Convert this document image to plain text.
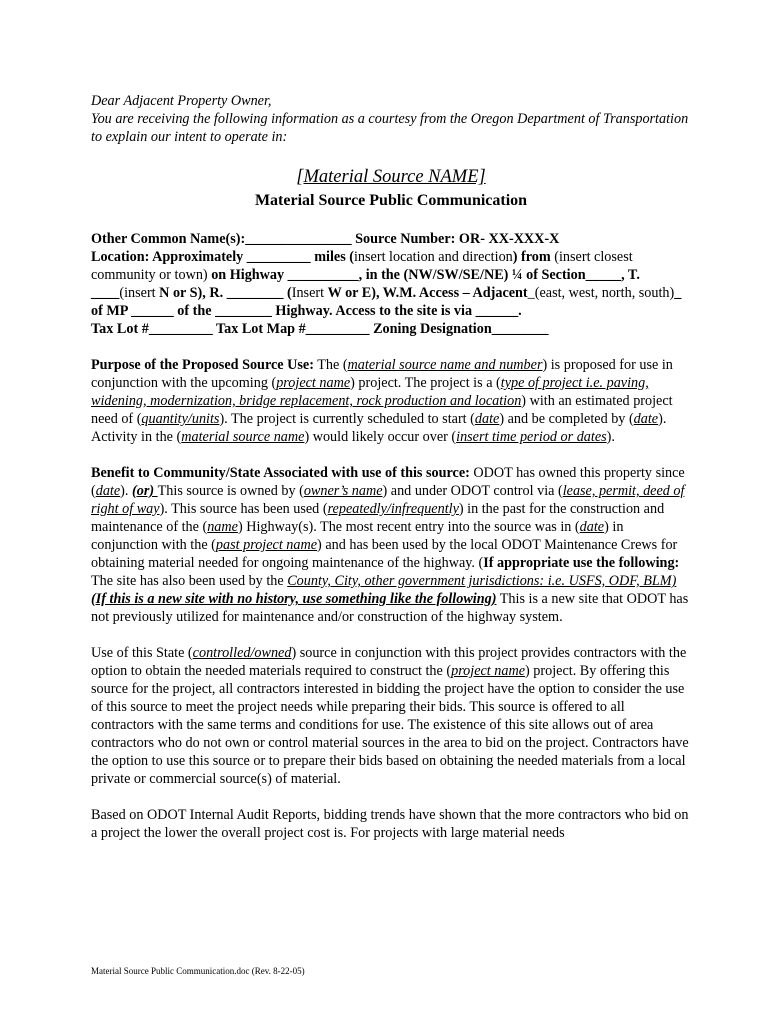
Dear Adjacent Property Owner,
You are receiving the following information as a courtesy from the Oregon Department of Transportation to explain our intent to operate in:
[Material Source NAME]
Material Source Public Communication
Other Common Name(s):_______________ Source Number: OR- XX-XXX-X
Location: Approximately _________ miles (insert location and direction) from (insert closest community or town) on Highway __________, in the (NW/SW/SE/NE) ¼ of Section_____, T. ____(insert N or S), R. ________ (Insert W or E), W.M. Access – Adjacent_(east, west, north, south)_ of MP ______ of the ________ Highway. Access to the site is via ______.
Tax Lot #_________ Tax Lot Map #_________ Zoning Designation________
Purpose of the Proposed Source Use: The (material source name and number) is proposed for use in conjunction with the upcoming (project name) project. The project is a (type of project i.e. paving, widening, modernization, bridge replacement, rock production and location) with an estimated project need of (quantity/units). The project is currently scheduled to start (date) and be completed by (date). Activity in the (material source name) would likely occur over (insert time period or dates).
Benefit to Community/State Associated with use of this source: ODOT has owned this property since (date). (or) This source is owned by (owner’s name) and under ODOT control via (lease, permit, deed of right of way). This source has been used (repeatedly/infrequently) in the past for the construction and maintenance of the (name) Highway(s). The most recent entry into the source was in (date) in conjunction with the (past project name) and has been used by the local ODOT Maintenance Crews for obtaining material needed for ongoing maintenance of the highway. (If appropriate use the following: The site has also been used by the County, City, other government jurisdictions: i.e. USFS, ODF, BLM) (If this is a new site with no history, use something like the following) This is a new site that ODOT has not previously utilized for maintenance and/or construction of the highway system.
Use of this State (controlled/owned) source in conjunction with this project provides contractors with the option to obtain the needed materials required to construct the (project name) project. By offering this source for the project, all contractors interested in bidding the project have the option to consider the use of this source to meet the project needs while preparing their bids. This source is offered to all contractors with the same terms and conditions for use. The existence of this site allows out of area contractors who do not own or control material sources in the area to bid on the project. Contractors have the option to use this source or to prepare their bids based on obtaining the needed materials from a local private or commercial source(s) of material.
Based on ODOT Internal Audit Reports, bidding trends have shown that the more contractors who bid on a project the lower the overall project cost is. For projects with large material needs
Material Source Public Communication.doc (Rev. 8-22-05)
